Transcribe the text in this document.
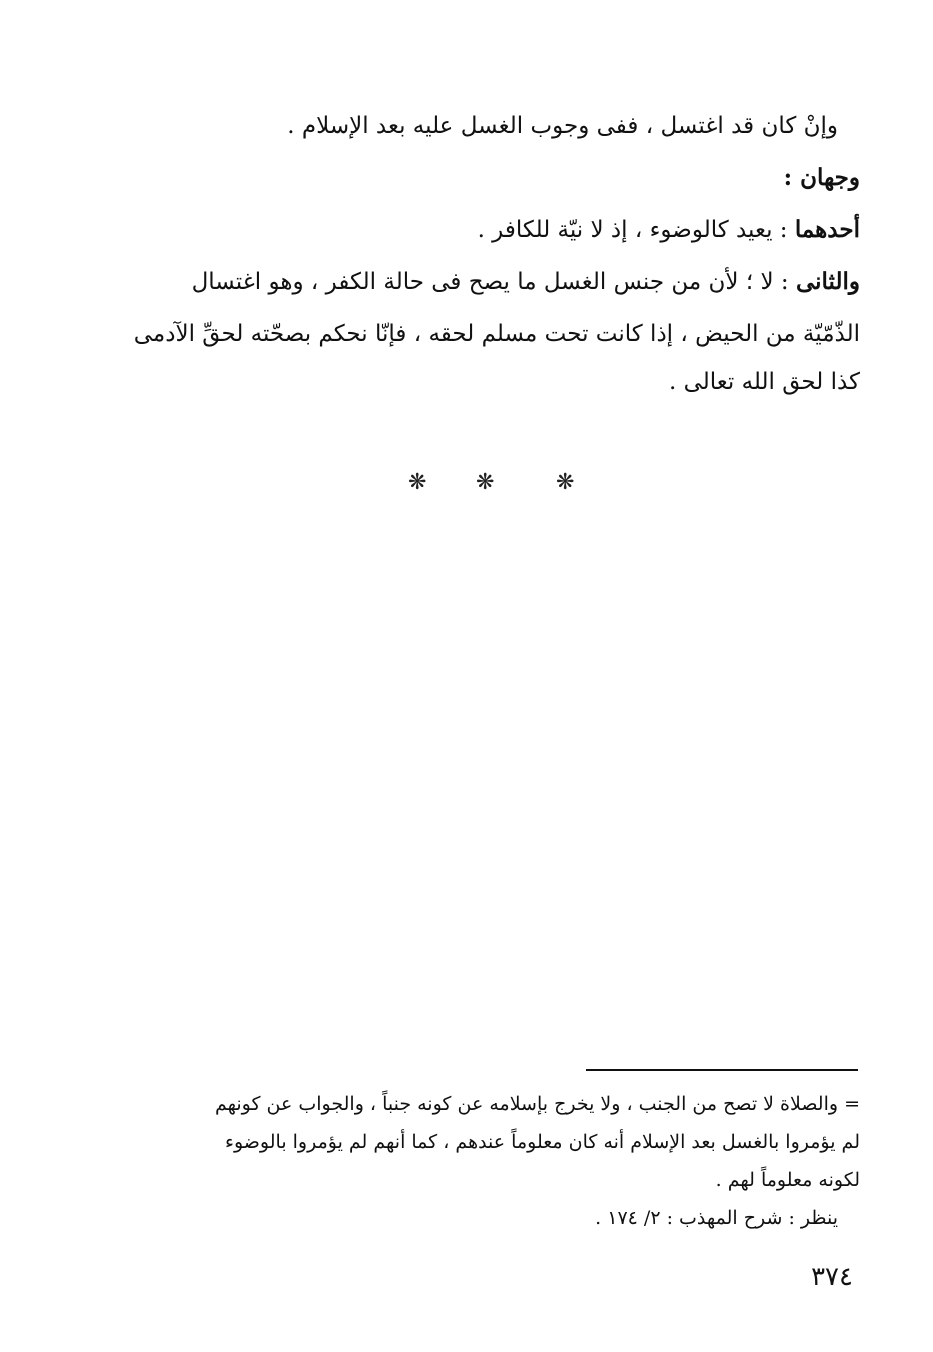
وإنْ كان قد اغتسل ، ففى وجوب الغسل عليه بعد الإسلام .
وجهان :
أحدهما : يعيد كالوضوء ، إذ لا نيّة للكافر .
والثانى : لا ؛ لأن من جنس الغسل ما يصح فى حالة الكفر ، وهو اغتسال
الذّمّيّة من الحيض ، إذا كانت تحت مسلم لحقه ، فإنّا نحكم بصحّته لحقِّ الآدمى
كذا لحق الله تعالى .
❋ ❋	❋
= والصلاة لا تصح من الجنب ، ولا يخرج بإسلامه عن كونه جنباً ، والجواب عن كونهم
لم يؤمروا بالغسل بعد الإسلام أنه كان معلوماً عندهم ، كما أنهم لم يؤمروا بالوضوء
لكونه معلوماً لهم .
ينظر : شرح المهذب : ٢/ ١٧٤ .
٣٧٤
